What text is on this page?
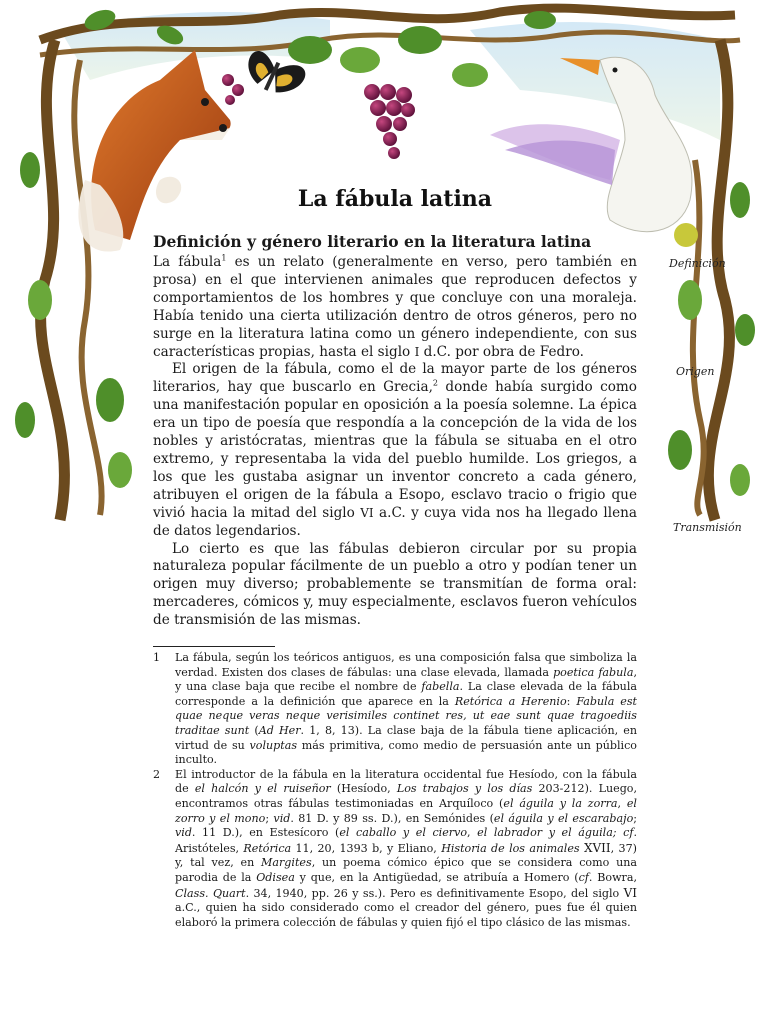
La fábula latina
Definición y género literario en la literatura latina

La fábula$^1$ es un relato (generalmente en verso, pero también en prosa) en el que intervienen animales que reproducen defectos y comportamientos de los hombres y que concluye con una moraleja. Había tenido una cierta utilización dentro de otros géneros, pero no surge en la literatura latina como un género independiente, con sus características propias, hasta el siglo I d.C. por obra de Fedro.

El origen de la fábula, como el de la mayor parte de los géneros literarios, hay que buscarlo en Grecia,$^2$ donde había surgido como una manifestación popular en oposición a la poesía solemne. La épica era un tipo de poesía que respondía a la concepción de la vida de los nobles y aristócratas, mientras que la fábula se situaba en el otro extremo, y representaba la vida del pueblo humilde. Los griegos, a los que les gustaba asignar un inventor concreto a cada género, atribuyen el origen de la fábula a Esopo, esclavo tracio o frigio que vivió hacia la mitad del siglo VI a.C. y cuya vida nos ha llegado llena de datos legendarios.

Lo cierto es que las fábulas debieron circular por su propia naturaleza popular fácilmente de un pueblo a otro y podían tener un origen muy diverso; probablemente se transmitían de forma oral: mercaderes, cómicos y, muy especialmente, esclavos fueron vehículos de transmisión de las mismas.

Definición
Origen
Transmisión
1	La fábula, según los teóricos antiguos, es una composición falsa que simboliza la verdad. Existen dos clases de fábulas: una clase elevada, llamada poetica fabula, y una clase baja que recibe el nombre de fabella. La clase elevada de la fábula corresponde a la definición que aparece en la Retórica a Herenio: Fabula est quae neque veras neque verisimiles continet res, ut eae sunt quae tragoediis traditae sunt (Ad Her. 1, 8, 13). La clase baja de la fábula tiene aplicación, en virtud de su voluptas más primitiva, como medio de persuasión ante un público inculto.
2	El introductor de la fábula en la literatura occidental fue Hesíodo, con la fábula de el halcón y el ruiseñor (Hesíodo, Los trabajos y los días 203-212). Luego, encontramos otras fábulas testimoniadas en Arquíloco (el águila y la zorra, el zorro y el mono; vid. 81 D. y 89 ss. D.), en Semónides (el águila y el escarabajo; vid. 11 D.), en Estesícoro (el caballo y el ciervo, el labrador y el águila; cf. Aristóteles, Retórica 11, 20, 1393 b, y Eliano, Historia de los animales XVII, 37) y, tal vez, en Margites, un poema cómico épico que se considera como una parodia de la Odisea y que, en la Antigüedad, se atribuía a Homero (cf. Bowra, Class. Quart. 34, 1940, pp. 26 y ss.). Pero es definitivamente Esopo, del siglo VI a.C., quien ha sido considerado como el creador del género, pues fue él quien elaboró la primera colección de fábulas y quien fijó el tipo clásico de las mismas.
